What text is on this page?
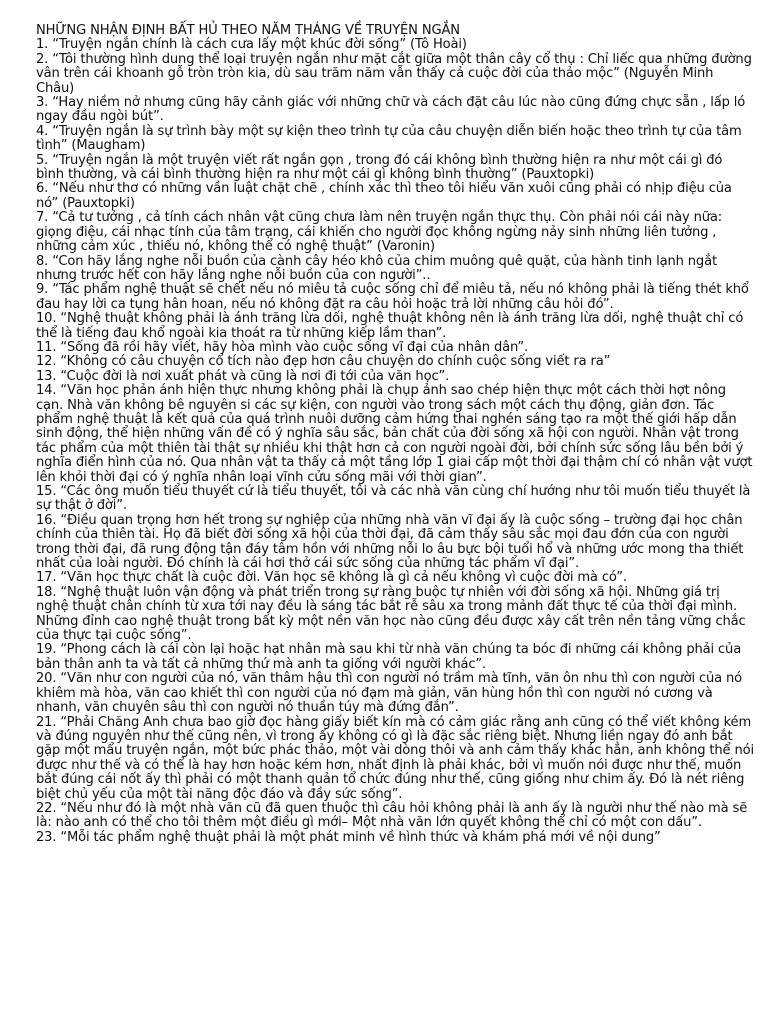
NHỮNG NHẬN ĐỊNH BẤT HỦ THEO NĂM THÁNG VỀ TRUYỆN NGẮN

1. “Truyện ngắn chính là cách cưa lấy một khúc đời sống” (Tô Hoài)

2. “Tôi thường hình dung thể loại truyện ngắn như mặt cắt giữa một thân cây cổ thụ : Chỉ liếc qua những đường vân trên cái khoanh gỗ tròn tròn kia, dù sau trăm năm vẫn thấy cả cuộc đời của thảo mộc” (Nguyễn Minh Châu)

3. “Hay niềm nở nhưng cũng hãy cảnh giác với những chữ và cách đặt câu lúc nào cũng đứng chực sẵn , lấp ló ngay đầu ngòi bút”.

4. “Truyện ngắn là sự trình bày một sự kiện theo trình tự của câu chuyện diễn biến hoặc theo trình tự của tâm tình” (Maugham)

5. “Truyện ngắn là một truyện viết rất ngắn gọn , trong đó cái không bình thường hiện ra như một cái gì đó bình thường, và cái bình thường hiện ra như một cái gì không bình thường” (Pauxtopki)

6. “Nếu như thơ có những vần luật chặt chẽ , chính xác thì theo tôi hiểu văn xuôi cũng phải có nhịp điệu của nó” (Pauxtopki)

7. “Cả tư tưởng , cả tính cách nhân vật cũng chưa làm nên truyện ngắn thực thụ. Còn phải nói cái này nữa: giọng điệu, cái nhạc tính của tâm trạng, cái khiến cho người đọc không ngừng nảy sinh những liên tưởng , những cảm xúc , thiếu nó, không thể có nghệ thuật” (Varonin)

8. “Con hãy lắng nghe nỗi buồn của cành cây héo khô của chim muông quê quặt, của hành tinh lạnh ngắt nhưng trước hết con hãy lắng nghe nỗi buồn của con người”..

9. “Tác phẩm nghệ thuật sẽ chết nếu nó miêu tả cuộc sống chỉ để miêu tả, nếu nó không phải là tiếng thét khổ đau hay lời ca tụng hân hoan, nếu nó không đặt ra câu hỏi hoặc trả lời những câu hỏi đó”.

10. “Nghệ thuật không phải là ánh trăng lừa dối, nghệ thuật không nên là ánh trăng lừa dối, nghệ thuật chỉ có thể là tiếng đau khổ ngoài kia thoát ra từ những kiếp lầm than”.

11. “Sống đã rồi hãy viết, hãy hòa mình vào cuộc sống vĩ đại của nhân dân”.

12. “Không có câu chuyện cổ tích nào đẹp hơn câu chuyện do chính cuộc sống viết ra ra”

13. “Cuộc đời là nơi xuất phát và cũng là nơi đi tới của văn học”.

14. “Văn học phản ánh hiện thực nhưng không phải là chụp ảnh sao chép hiện thực một cách thời hợt nông cạn. Nhà văn không bê nguyên si các sự kiện, con người vào trong sách một cách thụ động, giản đơn. Tác phẩm nghệ thuật là kết quả của quá trình nuôi dưỡng cảm hứng thai nghén sáng tạo ra một thế giới hấp dẫn sinh động, thể hiện những vấn đề có ý nghĩa sâu sắc, bản chất của đời sống xã hội con người. Nhân vật trong tác phẩm của một thiên tài thật sự nhiều khi thật hơn cả con người ngoài đời, bởi chính sức sống lâu bền bởi ý nghĩa điển hình của nó. Qua nhân vật ta thấy cả một tầng lớp 1 giai cấp một thời đại thậm chí có nhân vật vượt lên khỏi thời đại có ý nghĩa nhân loại vĩnh cửu sống mãi với thời gian”.

15. “Các ông muốn tiểu thuyết cứ là tiểu thuyết, tôi và các nhà văn cùng chí hướng như tôi muốn tiểu thuyết là sự thật ở đời”.

16. “Điều quan trọng hơn hết trong sự nghiệp của những nhà văn vĩ đại ấy là cuộc sống – trường đại học chân chính của thiên tài. Họ đã biết đời sống xã hội của thời đại, đã cảm thấy sâu sắc mọi đau đớn của con người trong thời đại, đã rung động tận đáy tâm hồn với những nỗi lo âu bực bội tuổi hổ và những ước mong tha thiết nhất của loài người. Đó chính là cái hơi thở cái sức sống của những tác phẩm vĩ đại”.

17. “Văn học thực chất là cuộc đời. Văn học sẽ không là gì cả nếu không vì cuộc đời mà có”.

18. “Nghệ thuật luôn vận động và phát triển trong sự ràng buộc tự nhiên với đời sống xã hội. Những giá trị nghệ thuật chân chính từ xưa tới nay đều là sáng tác bắt rễ sâu xa trong mảnh đất thực tế của thời đại mình. Những đỉnh cao nghệ thuật trong bất kỳ một nền văn học nào cũng đều được xây cất trên nền tảng vững chắc của thực tại cuộc sống”.

19. “Phong cách là cái còn lại hoặc hạt nhân mà sau khi từ nhà văn chúng ta bóc đi những cái không phải của bản thân anh ta và tất cả những thứ mà anh ta giống với người khác”.

20. “Văn như con người của nó, văn thâm hậu thì con người nó trầm mà tĩnh, văn ôn nhu thì con người của nó khiêm mà hòa, văn cao khiết thì con người của nó đạm mà giản, văn hùng hồn thì con người nó cương và nhanh, văn chuyên sâu thì con người nó thuần túy mà đứng đắn”.

21. “Phải Chăng Anh chưa bao giờ đọc hàng giấy biết kín mà có cảm giác rằng anh cũng có thể viết không kém và đúng nguyên như thế cũng nên, vì trong ấy không có gì là đặc sắc riêng biệt. Nhưng liền ngay đó anh bắt gặp một mẩu truyện ngắn, một bức phác thảo, một vài dòng thôi và anh cảm thấy khác hẳn, anh không thể nói được như thế và có thể là hay hơn hoặc kém hơn, nhất định là phải khác, bởi vì muốn nói được như thế, muốn bắt đúng cái nốt ấy thì phải có một thanh quản tổ chức đúng như thế, cũng giống như chim ấy. Đó là nét riêng biệt chủ yếu của một tài năng độc đáo và đầy sức sống”.

22. “Nếu như đó là một nhà văn cũ đã quen thuộc thì câu hỏi không phải là anh ấy là người như thế nào mà sẽ là: nào anh có thể cho tôi thêm một điều gì mới– Một nhà văn lớn quyết không thể chỉ có một con dấu”.

23. “Mỗi tác phẩm nghệ thuật phải là một phát minh về hình thức và khám phá mới về nội dung”
